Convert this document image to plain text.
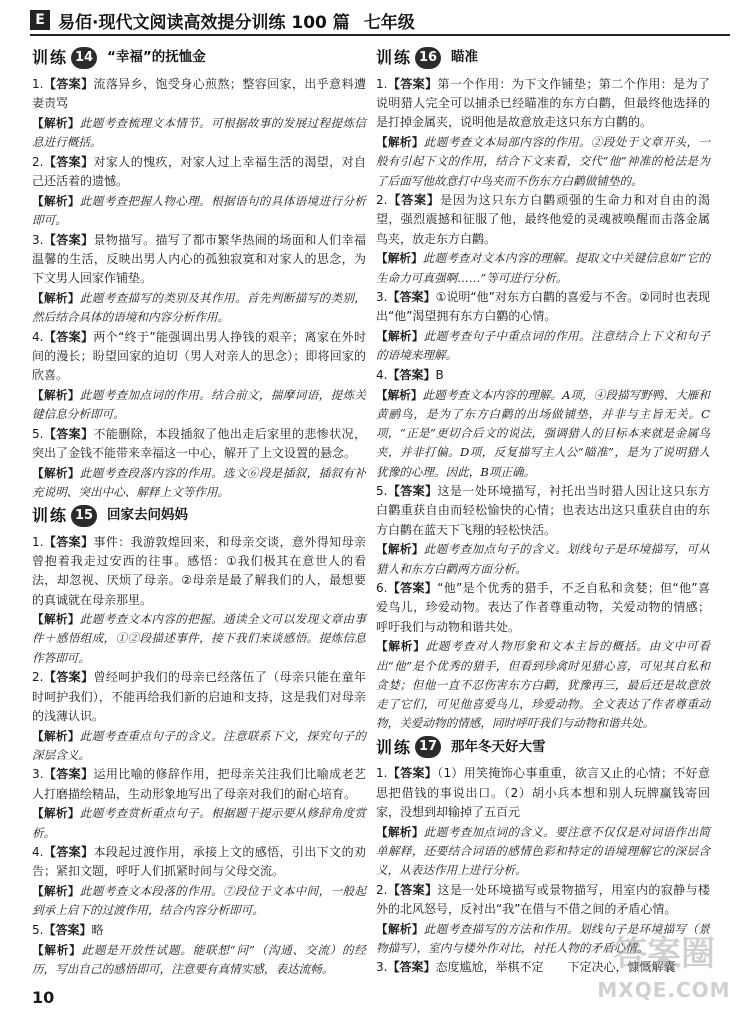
E 易佰·现代文阅读高效提分训练 100 篇 七年级
训练 14 “幸福”的抚恤金
1.【答案】流落异乡，饱受身心煎熬；整容回家，出乎意料遭妻责骂
【解析】此题考查梳理文本情节。可根据故事的发展过程提炼信息进行概括。
2.【答案】对家人的愧疚，对家人过上幸福生活的渴望，对自己还活着的遗憾。
【解析】此题考查把握人物心理。根据语句的具体语境进行分析即可。
3.【答案】景物描写。描写了都市繁华热闹的场面和人们幸福温馨的生活，反映出男人内心的孤独寂寞和对家人的思念，为下文男人回家作铺垫。
【解析】此题考查描写的类别及其作用。首先判断描写的类别，然后结合具体的语境和内容分析作用。
4.【答案】两个“终于”能强调出男人挣钱的艰辛；离家在外时间的漫长；盼望回家的迫切（男人对亲人的思念）；即将回家的欣喜。
【解析】此题考查加点词的作用。结合前文，揣摩词语，提炼关键信息分析即可。
5.【答案】不能删除，本段插叙了他出走后家里的悲惨状况，突出了金钱不能带来幸福这一中心，解开了上文设置的悬念。
【解析】此题考查段落内容的作用。选文⑥段是插叙，插叙有补充说明、突出中心、解释上文等作用。
训练 15 回家去问妈妈
1.【答案】事件：我游敦煌回来，和母亲交谈，意外得知母亲曾抱着我走过安西的往事。感悟：①我们极其在意世人的看法，却忽视、厌烦了母亲。②母亲是最了解我们的人，最想要的真诚就在母亲那里。
【解析】此题考查文本内容的把握。通读全文可以发现文章由事件＋感悟组成，①②段描述事件，接下我们来谈感悟。提炼信息作答即可。
2.【答案】曾经呵护我们的母亲已经落伍了（母亲只能在童年时呵护我们），不能再给我们新的启迪和支持，这是我们对母亲的浅薄认识。
【解析】此题考查重点句子的含义。注意联系下文，探究句子的深层含义。
3.【答案】运用比喻的修辞作用，把母亲关注我们比喻成老艺人打磨描绘精品，生动形象地写出了母亲对我们的耐心培育。
【解析】此题考查赏析重点句子。根据题干提示要从修辞角度赏析。
4.【答案】本段起过渡作用，承接上文的感悟，引出下文的劝告；紧扣文题，呼吁人们抓紧时间与父母交流。
【解析】此题考查文本段落的作用。⑦段位于文本中间，一般起到承上启下的过渡作用，结合内容分析即可。
5.【答案】略
【解析】此题是开放性试题。能联想“问”（沟通、交流）的经历，写出自己的感悟即可，注意要有真情实感，表达流畅。
训练 16 瞄准
1.【答案】第一个作用：为下文作铺垫；第二个作用：是为了说明猎人完全可以捕杀已经瞄准的东方白鹳，但最终他选择的是打掉金属夹，说明他是故意放走这只东方白鹳的。
【解析】此题考查文本局部内容的作用。②段处于文章开头，一般有引起下文的作用，结合下文来看，交代“他”神准的枪法是为了后面写他故意打中鸟夹而不伤东方白鹳做铺垫的。
2.【答案】是因为这只东方白鹳顽强的生命力和对自由的渴望，强烈震撼和征服了他，最终他爱的灵魂被唤醒而击落金属鸟夹，放走东方白鹳。
【解析】此题考查对文本内容的理解。提取文中关键信息如“它的生命力可真强啊……”等可进行分析。
3.【答案】①说明“他”对东方白鹳的喜爱与不舍。②同时也表现出“他”渴望拥有东方白鹳的心情。
【解析】此题考查句子中重点词的作用。注意结合上下文和句子的语境来理解。
4.【答案】B
【解析】此题考查文本内容的理解。A项，④段描写野鸭、大雁和黄鹂鸟，是为了东方白鹳的出场做铺垫，并非与主旨无关。C项，“正是”更切合后文的说法，强调猎人的目标本来就是金属鸟夹，并非打偏。D项，反复描写主人公“瞄准”，是为了说明猎人犹豫的心理。因此，B项正确。
5.【答案】这是一处环境描写，衬托出当时猎人因让这只东方白鹳重获自由而轻松愉快的心情；也表达出这只重获自由的东方白鹳在蓝天下飞翔的轻松快活。
【解析】此题考查加点句子的含义。划线句子是环境描写，可从猎人和东方白鹳两方面分析。
6.【答案】“他”是个优秀的猎手，不乏自私和贪婪；但“他”喜爱鸟儿，珍爱动物。表达了作者尊重动物，关爱动物的情感；呼吁我们与动物和谐共处。
【解析】此题考查对人物形象和文本主旨的概括。由文中可看出“他”是个优秀的猎手，但看到珍禽时见猎心喜，可见其自私和贪婪；但他一直不忍伤害东方白鹳，犹豫再三，最后还是故意放走了它们，可见他喜爱鸟儿，珍爱动物。全文表达了作者尊重动物，关爱动物的情感，同时呼吁我们与动物和谐共处。
训练 17 那年冬天好大雪
1.【答案】（1）用笑掩饰心事重重，欲言又止的心情；不好意思把借钱的事说出口。（2）胡小兵本想和别人玩牌赢钱寄回家，没想到却输掉了五百元
【解析】此题考查加点词的含义。要注意不仅仅是对词语作出简单解释，还要结合词语的感情色彩和特定的语境理解它的深层含义，从表达作用上进行分析。
2.【答案】这是一处环境描写或景物描写，用室内的寂静与楼外的北风怒号，反衬出“我”在借与不借之间的矛盾心情。
【解析】此题考查描写的方法和作用。划线句子是环境描写（景物描写），室内与楼外作对比，衬托人物的矛盾心情。
3.【答案】态度尴尬，举棋不定　　下定决心，慷慨解囊
10
答案圈
MXQE.COM
